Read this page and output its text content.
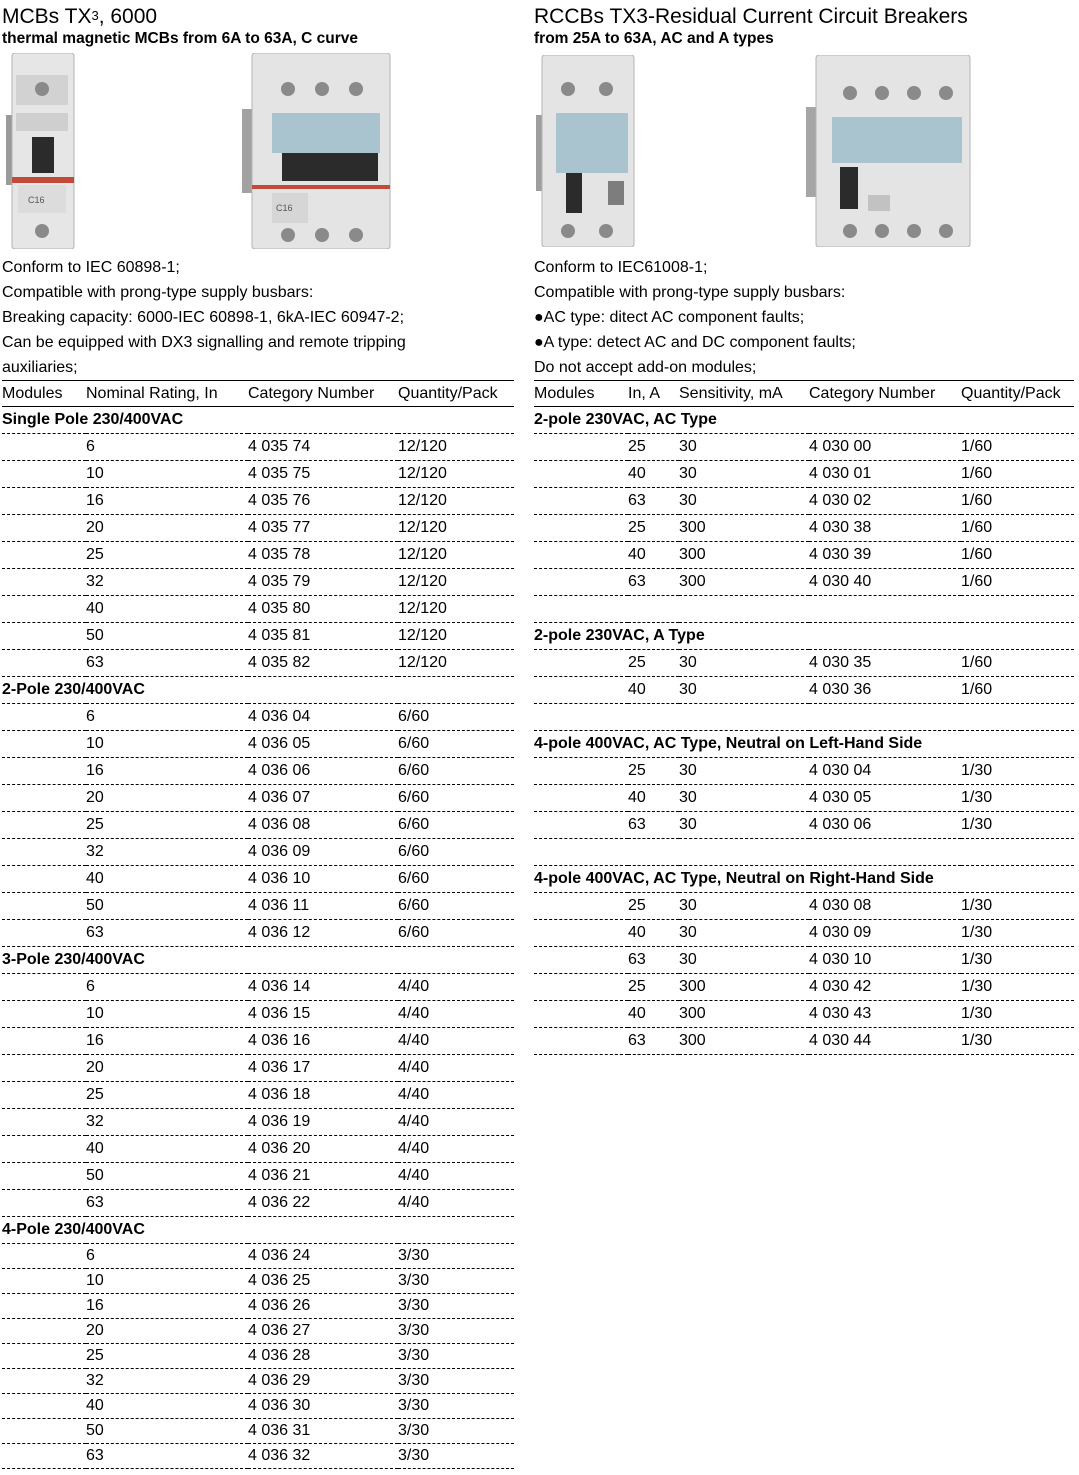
MCBs $TX^3$, 6000
thermal magnetic MCBs from 6A to 63A, C curve
C16
C16
Conform to IEC 60898-1;
Compatible with prong-type supply busbars:
Breaking capacity: 6000-IEC 60898-1, 6kA-IEC 60947-2;
Can be equipped with DX3 signalling and remote tripping
auxiliaries;
Modules	Nominal Rating, In	Category Number	Quantity/Pack
Single Pole 230/400VAC			
	6	4 035 74	12/120
	10	4 035 75	12/120
	16	4 035 76	12/120
	20	4 035 77	12/120
	25	4 035 78	12/120
	32	4 035 79	12/120
	40	4 035 80	12/120
	50	4 035 81	12/120
	63	4 035 82	12/120
2-Pole 230/400VAC			
	6	4 036 04	6/60
	10	4 036 05	6/60
	16	4 036 06	6/60
	20	4 036 07	6/60
	25	4 036 08	6/60
	32	4 036 09	6/60
	40	4 036 10	6/60
	50	4 036 11	6/60
	63	4 036 12	6/60
3-Pole 230/400VAC			
	6	4 036 14	4/40
	10	4 036 15	4/40
	16	4 036 16	4/40
	20	4 036 17	4/40
	25	4 036 18	4/40
	32	4 036 19	4/40
	40	4 036 20	4/40
	50	4 036 21	4/40
	63	4 036 22	4/40
4-Pole 230/400VAC			
	6	4 036 24	3/30
	10	4 036 25	3/30
	16	4 036 26	3/30
	20	4 036 27	3/30
	25	4 036 28	3/30
	32	4 036 29	3/30
	40	4 036 30	3/30
	50	4 036 31	3/30
	63	4 036 32	3/30
RCCBs TX3-Residual Current Circuit Breakers
from 25A to 63A, AC and A types
Conform to IEC61008-1;
Compatible with prong-type supply busbars:
●AC type: ditect AC component faults;
●A type: detect AC and DC component faults;
Do not accept add-on modules;
Modules	In, A	Sensitivity, mA	Category Number	Quantity/Pack
2-pole 230VAC, AC Type				
	25	30	4 030 00	1/60
	40	30	4 030 01	1/60
	63	30	4 030 02	1/60
	25	300	4 030 38	1/60
	40	300	4 030 39	1/60
	63	300	4 030 40	1/60

2-pole 230VAC, A Type				
	25	30	4 030 35	1/60
	40	30	4 030 36	1/60

4-pole 400VAC, AC Type, Neutral on Left-Hand Side				
	25	30	4 030 04	1/30
	40	30	4 030 05	1/30
	63	30	4 030 06	1/30

4-pole 400VAC, AC Type, Neutral on Right-Hand Side				
	25	30	4 030 08	1/30
	40	30	4 030 09	1/30
	63	30	4 030 10	1/30
	25	300	4 030 42	1/30
	40	300	4 030 43	1/30
	63	300	4 030 44	1/30
